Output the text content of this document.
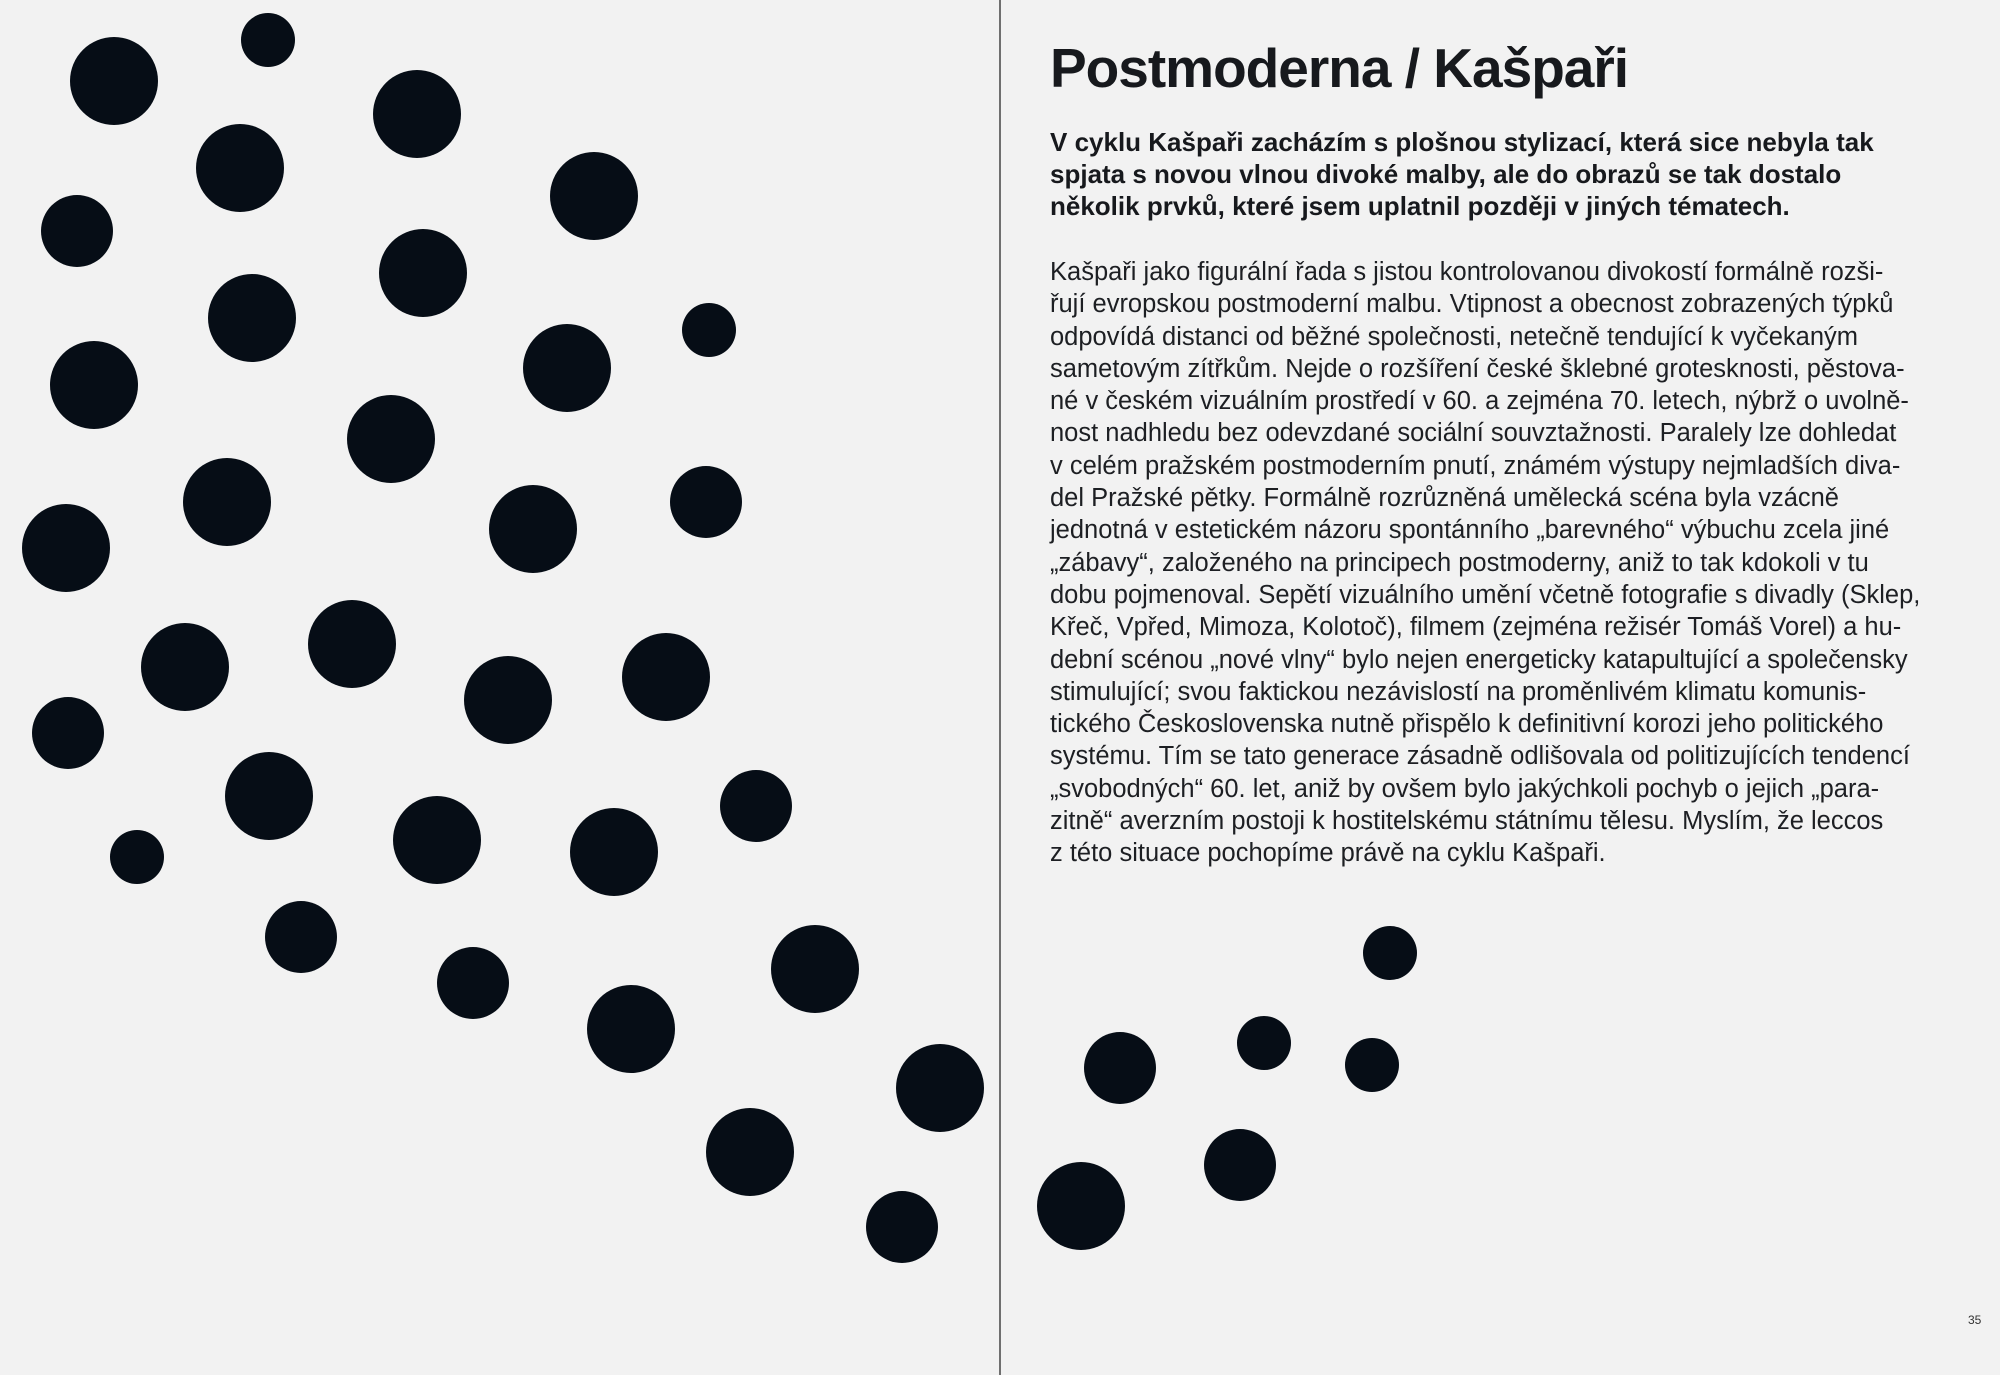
Postmoderna / Kašpaři

V cyklu Kašpaři zacházím s plošnou stylizací, která sice nebyla tak
spjata s novou vlnou divoké malby, ale do obrazů se tak dostalo
několik prvků, které jsem uplatnil později v jiných tématech.

Kašpaři jako figurální řada s jistou kontrolovanou divokostí formálně rozši-
řují evropskou postmoderní malbu. Vtipnost a obecnost zobrazených týpků
odpovídá distanci od běžné společnosti, netečně tendující k vyčekaným
sametovým zítřkům. Nejde o rozšíření české šklebné grotesknosti, pěstova-
né v českém vizuálním prostředí v 60. a zejména 70. letech, nýbrž o uvolně-
nost nadhledu bez odevzdané sociální souvztažnosti. Paralely lze dohledat
v celém pražském postmoderním pnutí, známém výstupy nejmladších diva-
del Pražské pětky. Formálně rozrůzněná umělecká scéna byla vzácně
jednotná v estetickém názoru spontánního „barevného“ výbuchu zcela jiné
„zábavy“, založeného na principech postmoderny, aniž to tak kdokoli v tu
dobu pojmenoval. Sepětí vizuálního umění včetně fotografie s divadly (Sklep,
Křeč, Vpřed, Mimoza, Kolotoč), filmem (zejména režisér Tomáš Vorel) a hu-
dební scénou „nové vlny“ bylo nejen energeticky katapultující a společensky
stimulující; svou faktickou nezávislostí na proměnlivém klimatu komunis-
tického Československa nutně přispělo k definitivní korozi jeho politického
systému. Tím se tato generace zásadně odlišovala od politizujících tendencí
„svobodných“ 60. let, aniž by ovšem bylo jakýchkoli pochyb o jejich „para-
zitně“ averzním postoji k hostitelskému státnímu tělesu. Myslím, že leccos
z této situace pochopíme právě na cyklu Kašpaři.

35
